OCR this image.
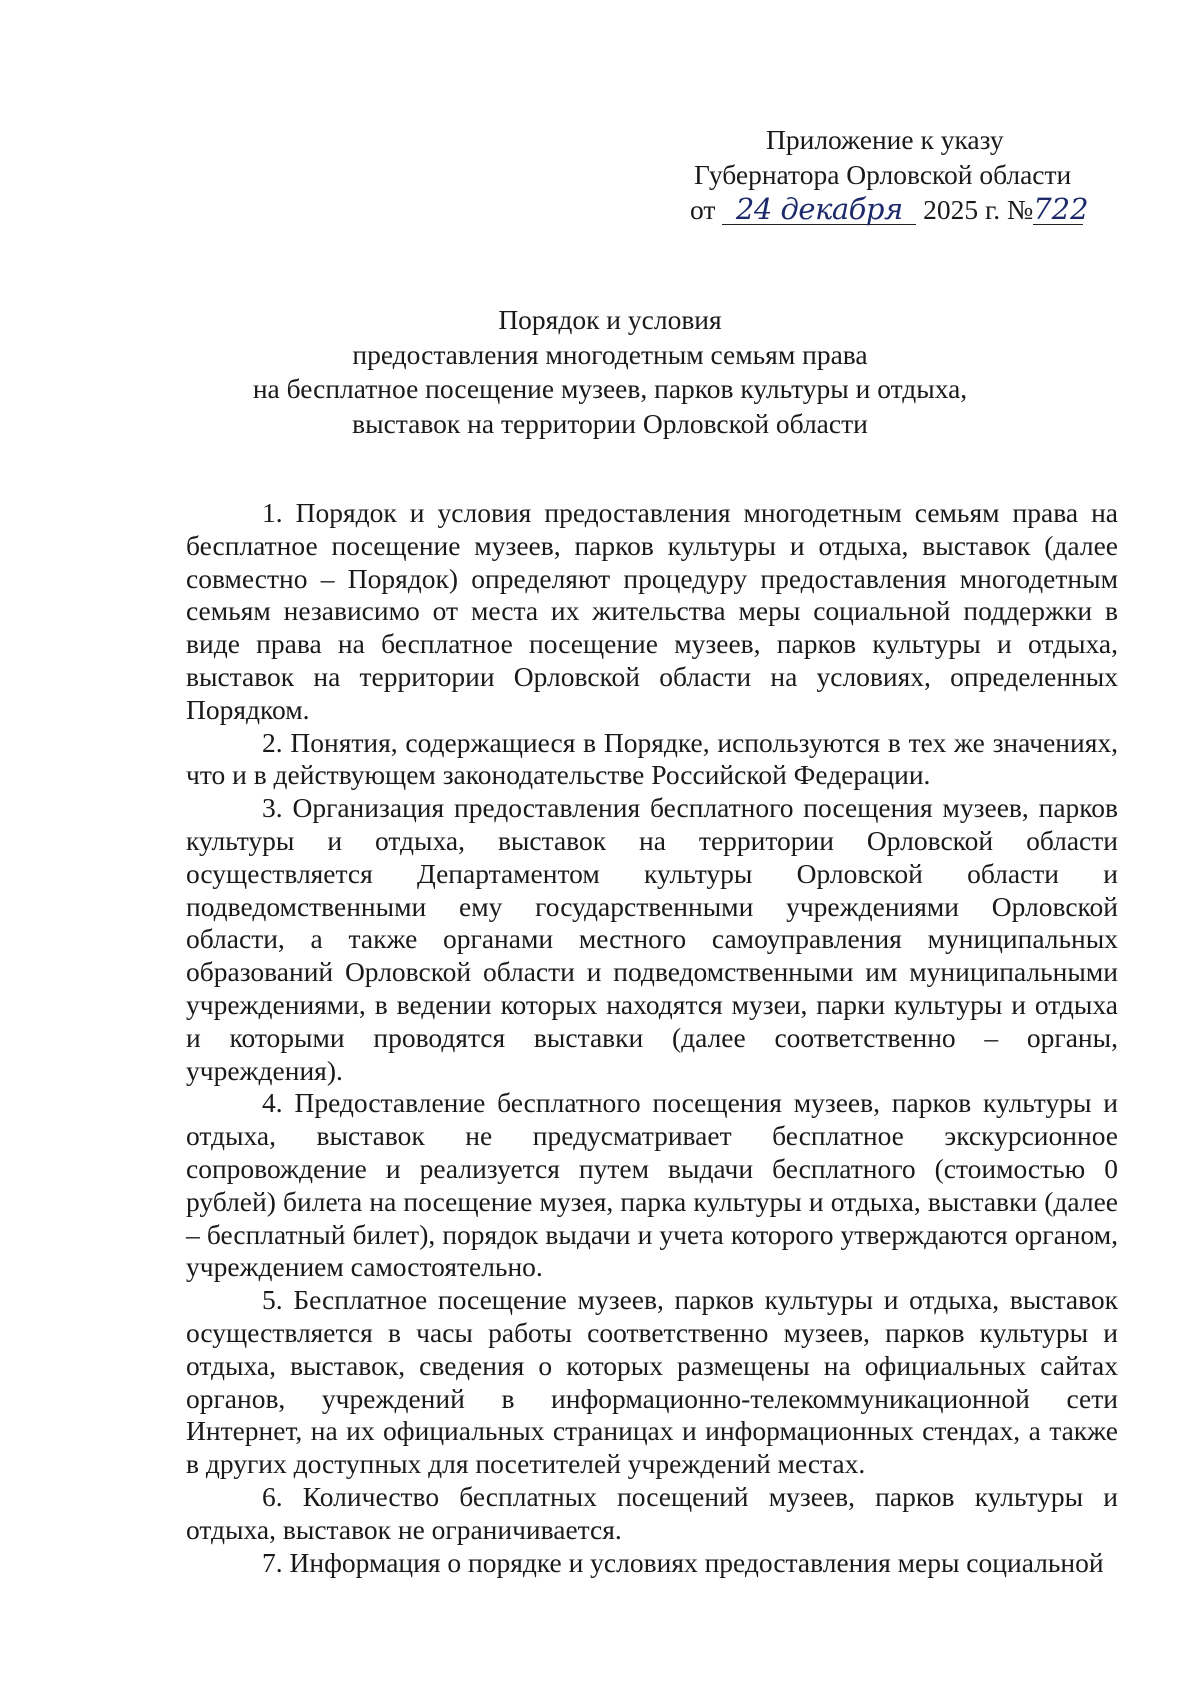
Приложение к указу
Губернатора Орловской области
от 24 декабря 2025 г. №722
Порядок и условия
предоставления многодетным семьям права
на бесплатное посещение музеев, парков культуры и отдыха,
выставок на территории Орловской области

1. Порядок и условия предоставления многодетным семьям права на бесплатное посещение музеев, парков культуры и отдыха, выставок (далее совместно – Порядок) определяют процедуру предоставления многодетным семьям независимо от места их жительства меры социальной поддержки в виде права на бесплатное посещение музеев, парков культуры и отдыха, выставок на территории Орловской области на условиях, определенных Порядком.

2. Понятия, содержащиеся в Порядке, используются в тех же значениях, что и в действующем законодательстве Российской Федерации.

3. Организация предоставления бесплатного посещения музеев, парков культуры и отдыха, выставок на территории Орловской области осуществляется Департаментом культуры Орловской области и подведомственными ему государственными учреждениями Орловской области, а также органами местного самоуправления муниципальных образований Орловской области и подведомственными им муниципальными учреждениями, в ведении которых находятся музеи, парки культуры и отдыха и которыми проводятся выставки (далее соответственно – органы, учреждения).

4. Предоставление бесплатного посещения музеев, парков культуры и отдыха, выставок не предусматривает бесплатное экскурсионное сопровождение и реализуется путем выдачи бесплатного (стоимостью 0 рублей) билета на посещение музея, парка культуры и отдыха, выставки (далее – бесплатный билет), порядок выдачи и учета которого утверждаются органом, учреждением самостоятельно.

5. Бесплатное посещение музеев, парков культуры и отдыха, выставок осуществляется в часы работы соответственно музеев, парков культуры и отдыха, выставок, сведения о которых размещены на официальных сайтах органов, учреждений в информационно-телекоммуникационной сети Интернет, на их официальных страницах и информационных стендах, а также в других доступных для посетителей учреждений местах.

6. Количество бесплатных посещений музеев, парков культуры и отдыха, выставок не ограничивается.

7. Информация о порядке и условиях предоставления меры социальной
